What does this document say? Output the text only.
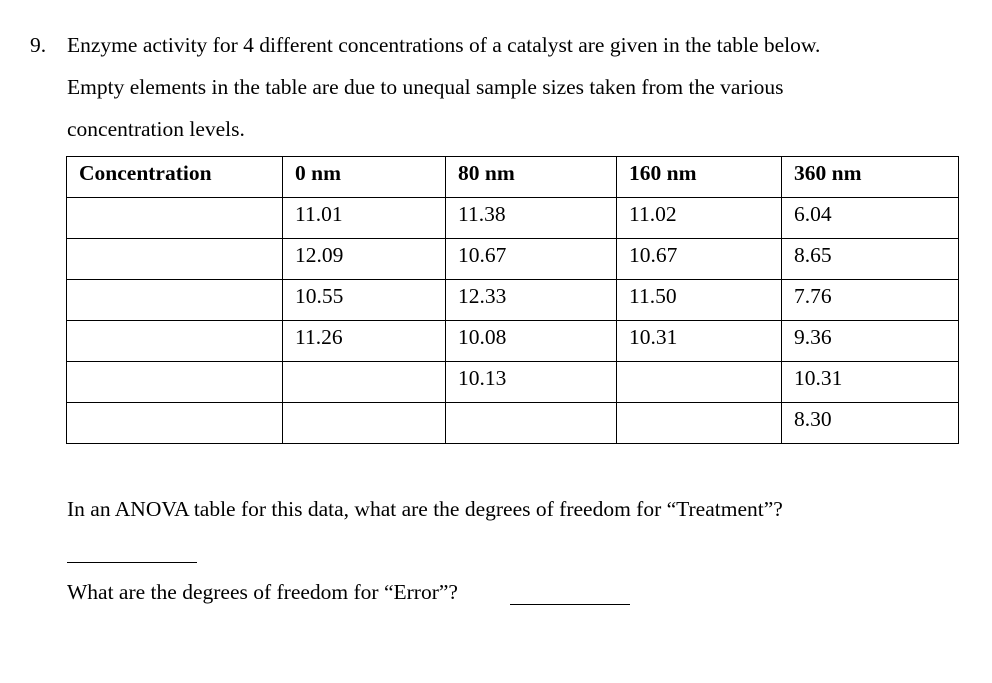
9. Enzyme activity for 4 different concentrations of a catalyst are given in the table below.
Empty elements in the table are due to unequal sample sizes taken from the various
concentration levels.
Concentration	0 nm	80 nm	160 nm	360 nm
	11.01	11.38	11.02	6.04
	12.09	10.67	10.67	8.65
	10.55	12.33	11.50	7.76
	11.26	10.08	10.31	9.36
		10.13		10.31
				8.30
In an ANOVA table for this data, what are the degrees of freedom for “Treatment”?
What are the degrees of freedom for “Error”?
